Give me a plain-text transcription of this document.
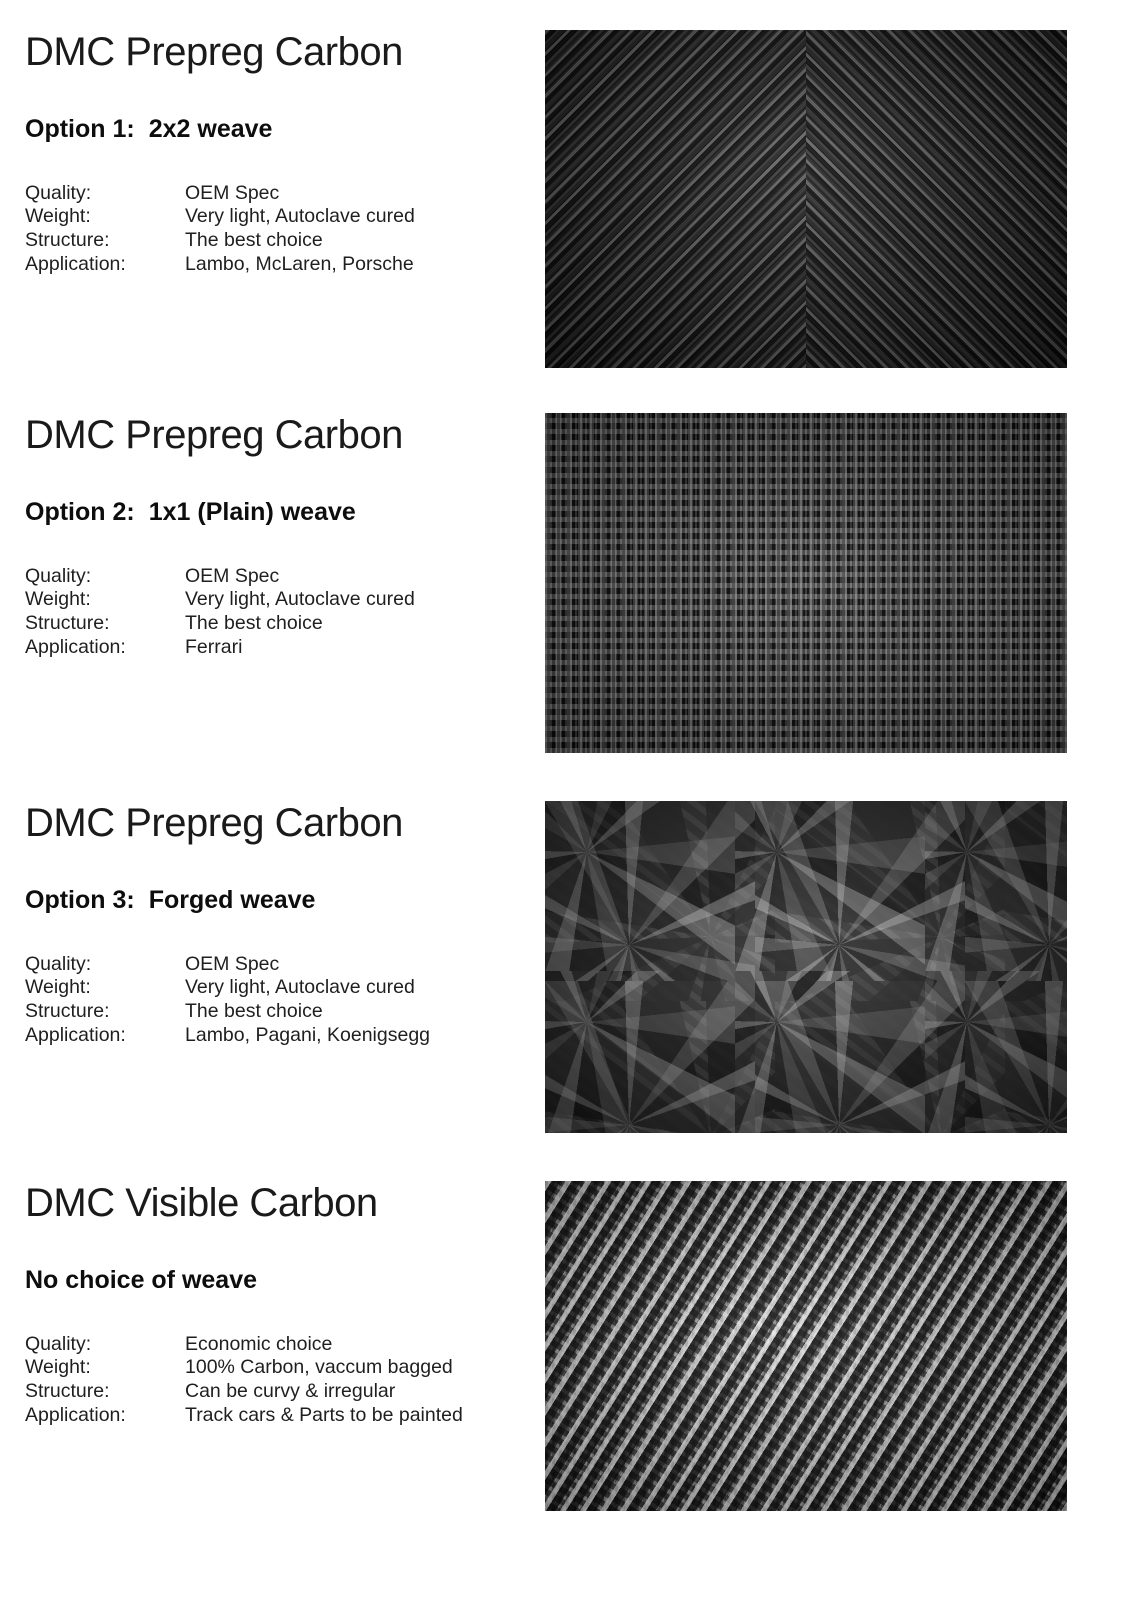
DMC Prepreg Carbon
Option 1: 2x2 weave
Quality:	OEM Spec
Weight:	Very light, Autoclave cured
Structure:	The best choice
Application:	Lambo, McLaren, Porsche
DMC Prepreg Carbon
Option 2: 1x1 (Plain) weave
Quality:	OEM Spec
Weight:	Very light, Autoclave cured
Structure:	The best choice
Application:	Ferrari
DMC Prepreg Carbon
Option 3: Forged weave
Quality:	OEM Spec
Weight:	Very light, Autoclave cured
Structure:	The best choice
Application:	Lambo, Pagani, Koenigsegg
DMC Visible Carbon
No choice of weave
Quality:	Economic choice
Weight:	100% Carbon, vaccum bagged
Structure:	Can be curvy & irregular
Application:	Track cars & Parts to be painted
